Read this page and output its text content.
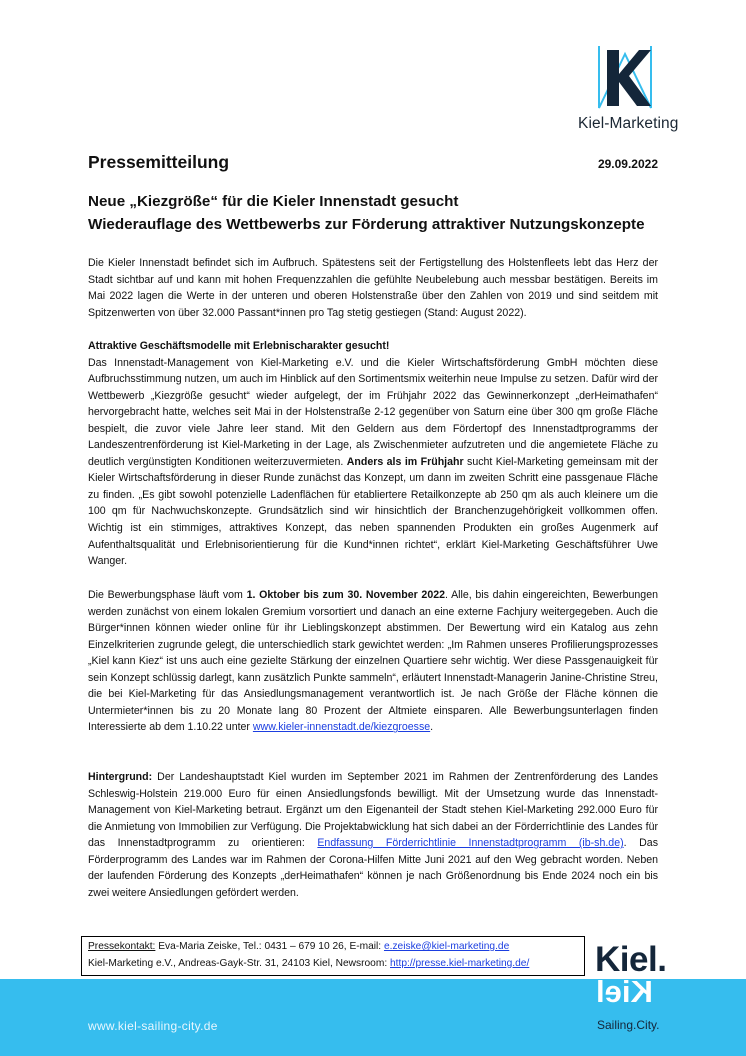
Kiel-Marketing
Pressemitteilung	29.09.2022
Neue „Kiezgröße“ für die Kieler Innenstadt gesucht
Wiederauflage des Wettbewerbs zur Förderung attraktiver Nutzungskonzepte

Die Kieler Innenstadt befindet sich im Aufbruch. Spätestens seit der Fertigstellung des Holstenfleets lebt das Herz der Stadt sichtbar auf und kann mit hohen Frequenzzahlen die gefühlte Neubelebung auch messbar bestätigen. Bereits im Mai 2022 lagen die Werte in der unteren und oberen Holstenstraße über den Zahlen von 2019 und sind seitdem mit Spitzenwerten von über 32.000 Passant*innen pro Tag stetig gestiegen (Stand: August 2022).

Attraktive Geschäftsmodelle mit Erlebnischarakter gesucht!

Das Innenstadt-Management von Kiel-Marketing e.V. und die Kieler Wirtschaftsförderung GmbH möchten diese Aufbruchsstimmung nutzen, um auch im Hinblick auf den Sortimentsmix weiterhin neue Impulse zu setzen. Dafür wird der Wettbewerb „Kiezgröße gesucht“ wieder aufgelegt, der im Frühjahr 2022 das Gewinnerkonzept „derHeimathafen“ hervorgebracht hatte, welches seit Mai in der Holstenstraße 2-12 gegenüber von Saturn eine über 300 qm große Fläche bespielt, die zuvor viele Jahre leer stand. Mit den Geldern aus dem Fördertopf des Innenstadtprogramms der Landeszentrenförderung ist Kiel-Marketing in der Lage, als Zwischenmieter aufzutreten und die angemietete Fläche zu deutlich vergünstigten Konditionen weiterzuvermieten. Anders als im Frühjahr sucht Kiel-Marketing gemeinsam mit der Kieler Wirtschaftsförderung in dieser Runde zunächst das Konzept, um dann im zweiten Schritt eine passgenaue Fläche zu finden. „Es gibt sowohl potenzielle Ladenflächen für etabliertere Retailkonzepte ab 250 qm als auch kleinere um die 100 qm für Nachwuchskonzepte. Grundsätzlich sind wir hinsichtlich der Branchenzugehörigkeit vollkommen offen. Wichtig ist ein stimmiges, attraktives Konzept, das neben spannenden Produkten ein großes Augenmerk auf Aufenthaltsqualität und Erlebnisorientierung für die Kund*innen richtet“, erklärt Kiel-Marketing Geschäftsführer Uwe Wanger.

Die Bewerbungsphase läuft vom 1. Oktober bis zum 30. November 2022. Alle, bis dahin eingereichten, Bewerbungen werden zunächst von einem lokalen Gremium vorsortiert und danach an eine externe Fachjury weitergegeben. Auch die Bürger*innen können wieder online für ihr Lieblingskonzept abstimmen. Der Bewertung wird ein Katalog aus zehn Einzelkriterien zugrunde gelegt, die unterschiedlich stark gewichtet werden: „Im Rahmen unseres Profilierungsprozesses „Kiel kann Kiez“ ist uns auch eine gezielte Stärkung der einzelnen Quartiere sehr wichtig. Wer diese Passgenauigkeit für sein Konzept schlüssig darlegt, kann zusätzlich Punkte sammeln“, erläutert Innenstadt-Managerin Janine-Christine Streu, die bei Kiel-Marketing für das Ansiedlungsmanagement verantwortlich ist. Je nach Größe der Fläche können die Untermieter*innen bis zu 20 Monate lang 80 Prozent der Altmiete einsparen. Alle Bewerbungsunterlagen finden Interessierte ab dem 1.10.22 unter www.kieler-innenstadt.de/kiezgroesse.

Hintergrund: Der Landeshauptstadt Kiel wurden im September 2021 im Rahmen der Zentrenförderung des Landes Schleswig-Holstein 219.000 Euro für einen Ansiedlungsfonds bewilligt. Mit der Umsetzung wurde das Innenstadt-Management von Kiel-Marketing betraut. Ergänzt um den Eigenanteil der Stadt stehen Kiel-Marketing 292.000 Euro für die Anmietung von Immobilien zur Verfügung. Die Projektabwicklung hat sich dabei an der Förderrichtlinie des Landes für das Innenstadtprogramm zu orientieren: Endfassung Förderrichtlinie Innenstadtprogramm (ib-sh.de). Das Förderprogramm des Landes war im Rahmen der Corona-Hilfen Mitte Juni 2021 auf den Weg gebracht worden. Neben der laufenden Förderung des Konzepts „derHeimathafen“ können je nach Größenordnung bis Ende 2024 noch ein bis zwei weitere Ansiedlungen gefördert werden.

Pressekontakt: Eva-Maria Zeiske, Tel.: 0431 – 679 10 26, E-mail: e.zeiske@kiel-marketing.de
Kiel-Marketing e.V., Andreas-Gayk-Str. 31, 24103 Kiel, Newsroom: http://presse.kiel-marketing.de/
www.kiel-sailing-city.de
Kiel.
Kiel
Sailing.City.
